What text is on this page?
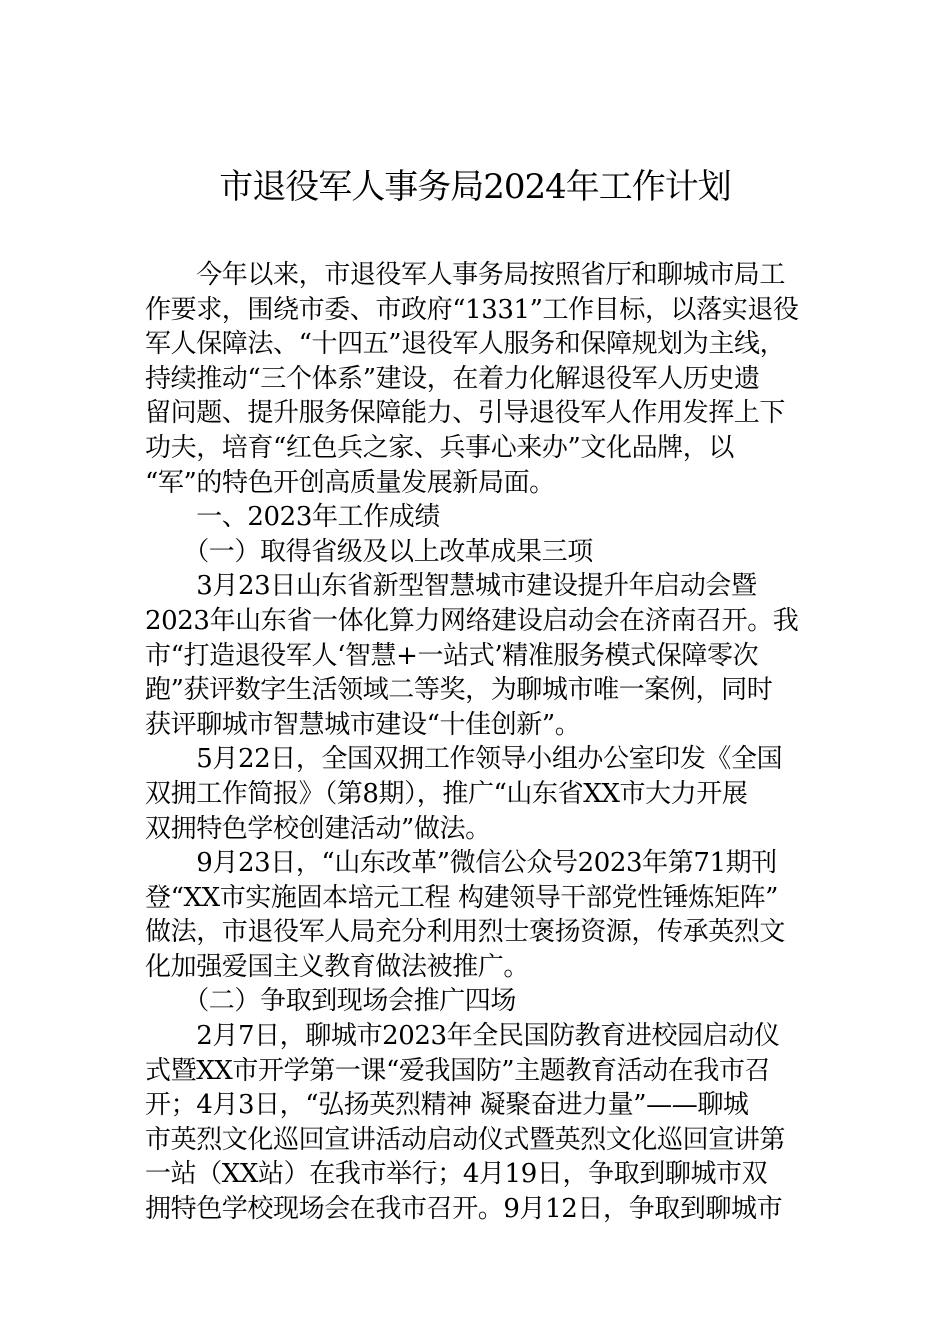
市退役军人事务局2024年工作计划
　　今年以来，市退役军人事务局按照省厅和聊城市局工
作要求，围绕市委、市政府“1331”工作目标，以落实退役
军人保障法、“十四五”退役军人服务和保障规划为主线，
持续推动“三个体系”建设，在着力化解退役军人历史遗
留问题、提升服务保障能力、引导退役军人作用发挥上下
功夫，培育“红色兵之家、兵事心来办”文化品牌，以
“军”的特色开创高质量发展新局面。
　　一、2023年工作成绩
　　（一）取得省级及以上改革成果三项
　　3月23日山东省新型智慧城市建设提升年启动会暨
2023年山东省一体化算力网络建设启动会在济南召开。我
市“打造退役军人‘智慧+一站式’精准服务模式保障零次
跑”获评数字生活领域二等奖，为聊城市唯一案例，同时
获评聊城市智慧城市建设“十佳创新”。
　　5月22日，全国双拥工作领导小组办公室印发《全国
双拥工作简报》（第8期），推广“山东省XX市大力开展
双拥特色学校创建活动”做法。
　　9月23日，“山东改革”微信公众号2023年第71期刊
登“XX市实施固本培元工程 构建领导干部党性锤炼矩阵”
做法，市退役军人局充分利用烈士褒扬资源，传承英烈文
化加强爱国主义教育做法被推广。
　　（二）争取到现场会推广四场
　　2月7日，聊城市2023年全民国防教育进校园启动仪
式暨XX市开学第一课“爱我国防”主题教育活动在我市召
开；4月3日，“弘扬英烈精神 凝聚奋进力量”——聊城
市英烈文化巡回宣讲活动启动仪式暨英烈文化巡回宣讲第
一站（XX站）在我市举行；4月19日，争取到聊城市双
拥特色学校现场会在我市召开。9月12日，争取到聊城市
